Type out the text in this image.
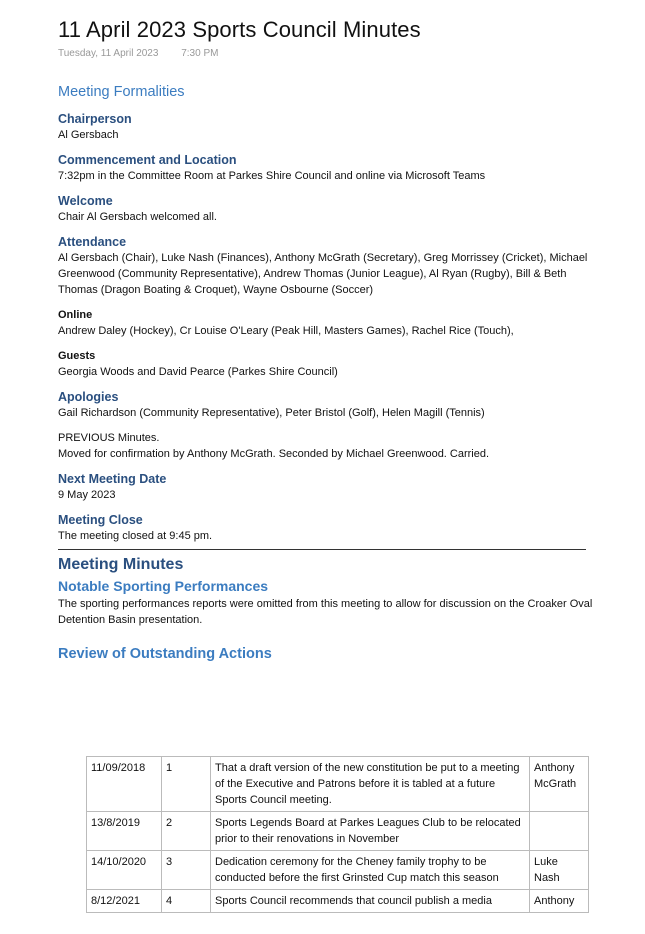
11 April 2023 Sports Council Minutes
Tuesday, 11 April 2023 7:30 PM
Meeting Formalities
Chairperson
Al Gersbach
Commencement and Location
7:32pm in the Committee Room at Parkes Shire Council and online via Microsoft Teams
Welcome
Chair Al Gersbach welcomed all.
Attendance
Al Gersbach (Chair), Luke Nash (Finances), Anthony McGrath (Secretary), Greg Morrissey (Cricket), Michael Greenwood (Community Representative), Andrew Thomas (Junior League), Al Ryan (Rugby), Bill & Beth Thomas (Dragon Boating & Croquet), Wayne Osbourne (Soccer)
Online
Andrew Daley (Hockey), Cr Louise O'Leary (Peak Hill, Masters Games), Rachel Rice (Touch),
Guests
Georgia Woods and David Pearce (Parkes Shire Council)
Apologies
Gail Richardson (Community Representative), Peter Bristol (Golf), Helen Magill (Tennis)
PREVIOUS Minutes.
Moved for confirmation by Anthony McGrath. Seconded by Michael Greenwood. Carried.
Next Meeting Date
9 May 2023
Meeting Close
The meeting closed at 9:45 pm.
Meeting Minutes
Notable Sporting Performances
The sporting performances reports were omitted from this meeting to allow for discussion on the Croaker Oval Detention Basin presentation.
Review of Outstanding Actions
11/09/2018	1	That a draft version of the new constitution be put to a meeting of the Executive and Patrons before it is tabled at a future Sports Council meeting.	Anthony McGrath
13/8/2019	2	Sports Legends Board at Parkes Leagues Club to be relocated prior to their renovations in November	
14/10/2020	3	Dedication ceremony for the Cheney family trophy to be conducted before the first Grinsted Cup match this season	Luke Nash
8/12/2021	4	Sports Council recommends that council publish a media	Anthony
